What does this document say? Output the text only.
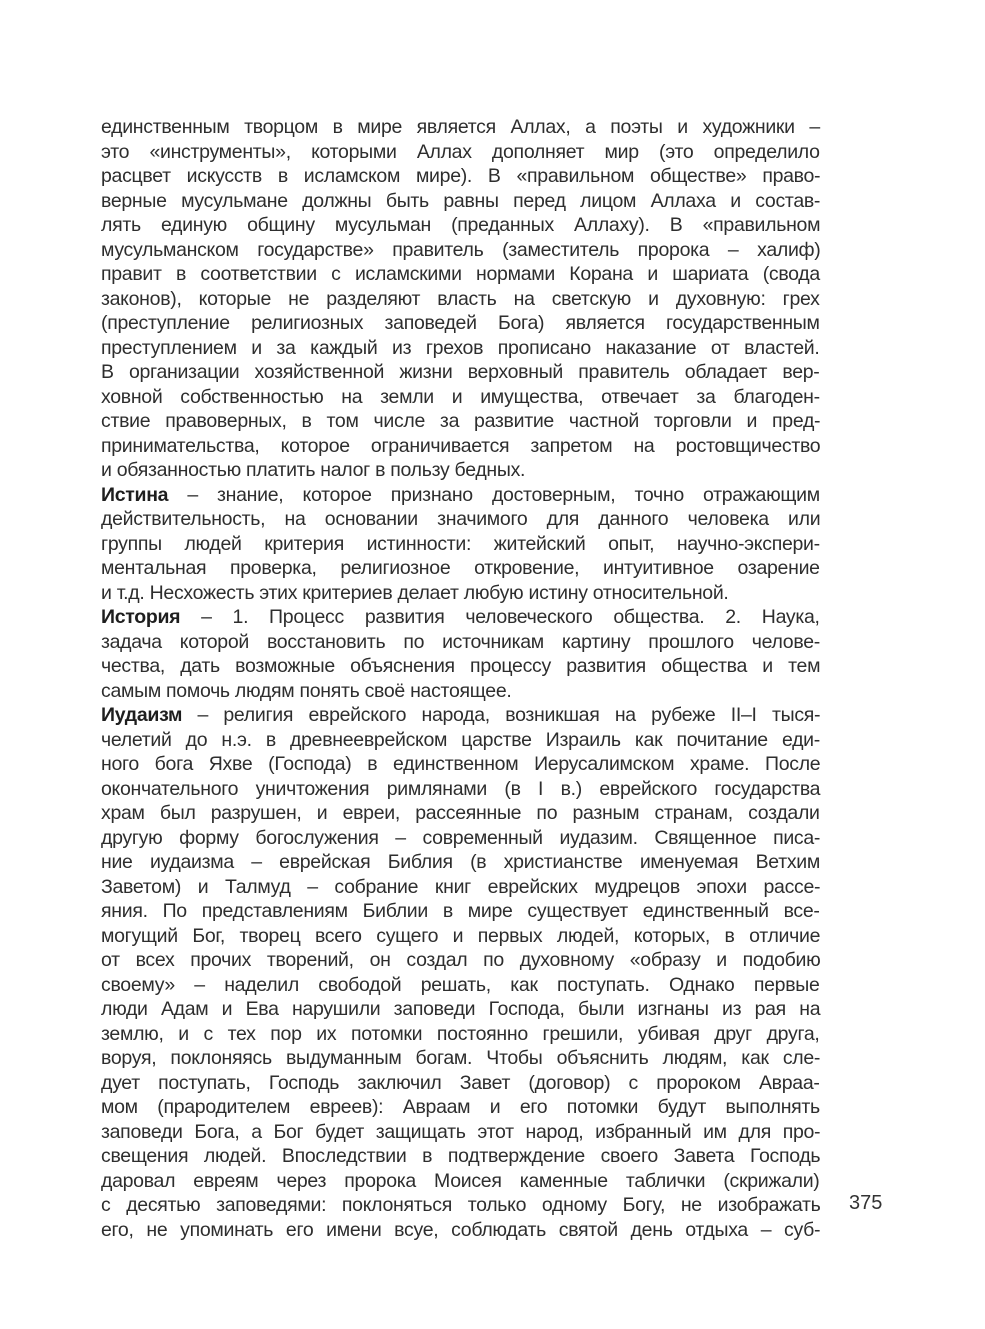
единственным творцом в мире является Аллах, а поэты и художники –
это «инструменты», которыми Аллах дополняет мир (это определило
расцвет искусств в исламском мире). В «правильном обществе» право-
верные мусульмане должны быть равны перед лицом Аллаха и состав-
лять единую общину мусульман (преданных Аллаху). В «правильном
мусульманском государстве» правитель (заместитель пророка – халиф)
правит в соответствии с исламскими нормами Корана и шариата (свода
законов), которые не разделяют власть на светскую и духовную: грех
(преступление религиозных заповедей Бога) является государственным
преступлением и за каждый из грехов прописано наказание от властей.
В организации хозяйственной жизни верховный правитель обладает вер-
ховной собственностью на земли и имущества, отвечает за благоден-
ствие правоверных, в том числе за развитие частной торговли и пред-
принимательства, которое ограничивается запретом на ростовщичество
и обязанностью платить налог в пользу бедных.
Истина – знание, которое признано достоверным, точно отражающим
действительность, на основании значимого для данного человека или
группы людей критерия истинности: житейский опыт, научно-экспери-
ментальная проверка, религиозное откровение, интуитивное озарение
и т.д. Несхожесть этих критериев делает любую истину относительной.
История – 1. Процесс развития человеческого общества. 2. Наука,
задача которой восстановить по источникам картину прошлого челове-
чества, дать возможные объяснения процессу развития общества и тем
самым помочь людям понять своё настоящее.
Иудаизм – религия еврейского народа, возникшая на рубеже II–I тыся-
челетий до н.э. в древнееврейском царстве Израиль как почитание еди-
ного бога Яхве (Господа) в единственном Иерусалимском храме. После
окончательного уничтожения римлянами (в I в.) еврейского государства
храм был разрушен, и евреи, рассеянные по разным странам, создали
другую форму богослужения – современный иудазим. Священное писа-
ние иудаизма – еврейская Библия (в христианстве именуемая Ветхим
Заветом) и Талмуд – собрание книг еврейских мудрецов эпохи рассе-
яния. По представлениям Библии в мире существует единственный все-
могущий Бог, творец всего сущего и первых людей, которых, в отличие
от всех прочих творений, он создал по духовному «образу и подобию
своему» – наделил свободой решать, как поступать. Однако первые
люди Адам и Ева нарушили заповеди Господа, были изгнаны из рая на
землю, и с тех пор их потомки постоянно грешили, убивая друг друга,
воруя, поклоняясь выдуманным богам. Чтобы объяснить людям, как сле-
дует поступать, Господь заключил Завет (договор) с пророком Авраа-
мом (прародителем евреев): Авраам и его потомки будут выполнять
заповеди Бога, а Бог будет защищать этот народ, избранный им для про-
свещения людей. Впоследствии в подтверждение своего Завета Господь
даровал евреям через пророка Моисея каменные таблички (скрижали)
с десятью заповедями: поклоняться только одному Богу, не изображать
его, не упоминать его имени всуе, соблюдать святой день отдыха – суб-
375
